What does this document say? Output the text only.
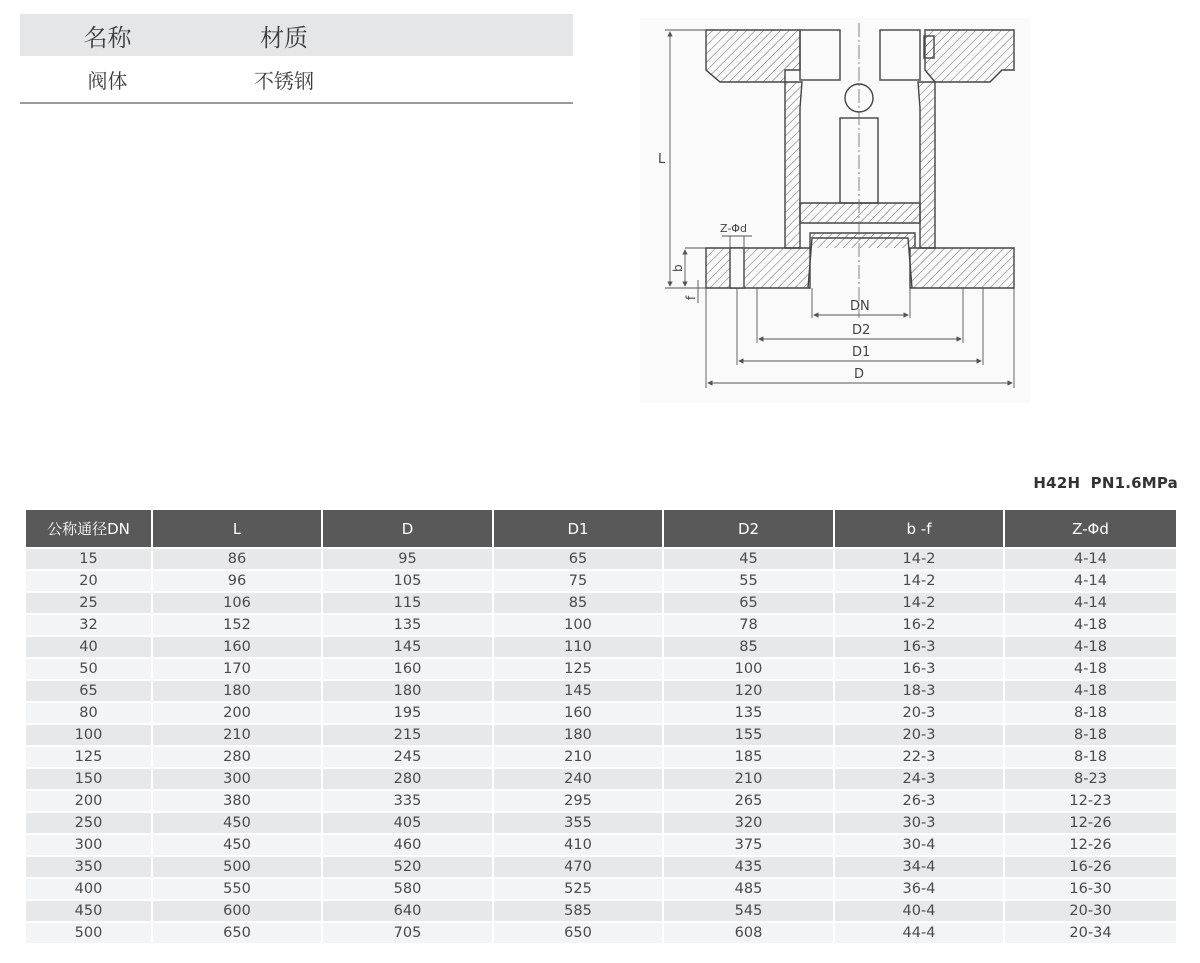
名称	材质
阀体	不锈钢
L
Z-Φd
b
f
DN
D2
D1
D
H42H PN1.6MPa
公称通径DN	L	D	D1	D2	b -f	Z-Φd
15	86	95	65	45	14-2	4-14
20	96	105	75	55	14-2	4-14
25	106	115	85	65	14-2	4-14
32	152	135	100	78	16-2	4-18
40	160	145	110	85	16-3	4-18
50	170	160	125	100	16-3	4-18
65	180	180	145	120	18-3	4-18
80	200	195	160	135	20-3	8-18
100	210	215	180	155	20-3	8-18
125	280	245	210	185	22-3	8-18
150	300	280	240	210	24-3	8-23
200	380	335	295	265	26-3	12-23
250	450	405	355	320	30-3	12-26
300	450	460	410	375	30-4	12-26
350	500	520	470	435	34-4	16-26
400	550	580	525	485	36-4	16-30
450	600	640	585	545	40-4	20-30
500	650	705	650	608	44-4	20-34
